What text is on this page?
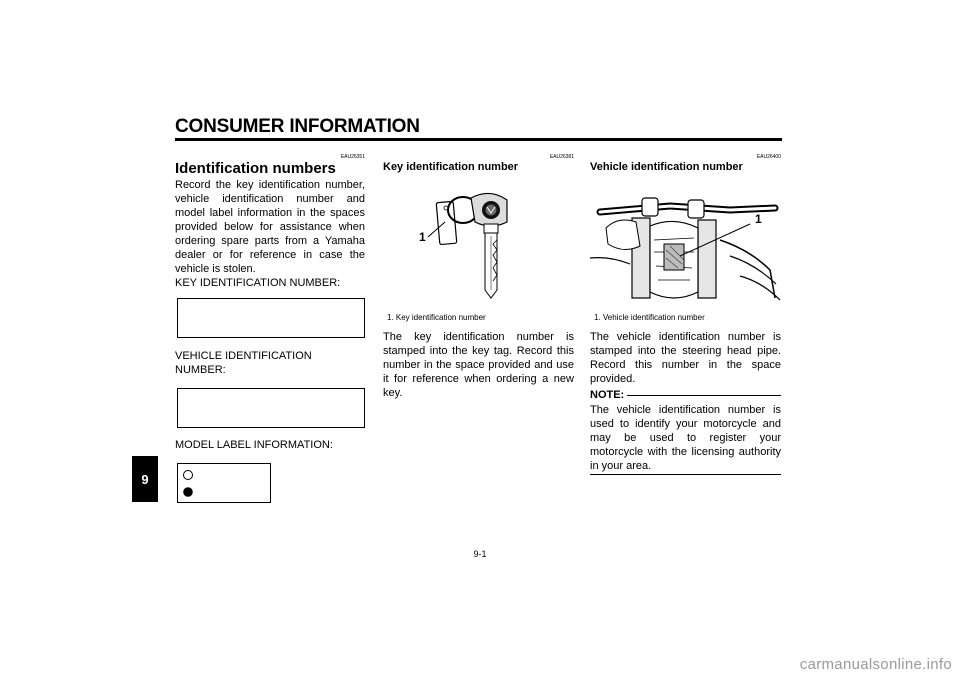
CONSUMER INFORMATION
9
EAU26351
Identification numbers
Record the key identification number, vehicle identification number and model label information in the spaces provided below for assistance when ordering spare parts from a Yamaha dealer or for reference in case the vehicle is stolen.
KEY IDENTIFICATION NUMBER:
VEHICLE IDENTIFICATION
NUMBER:
MODEL LABEL INFORMATION:
EAU26381
Key identification number
1
1. Key identification number
The key identification number is stamped into the key tag. Record this number in the space provided and use it for reference when ordering a new key.
EAU26400
Vehicle identification number
1
1. Vehicle identification number
The vehicle identification number is stamped into the steering head pipe. Record this number in the space provided.
NOTE:
The vehicle identification number is used to identify your motorcycle and may be used to register your motorcycle with the licensing authority in your area.
9-1
carmanualsonline.info
